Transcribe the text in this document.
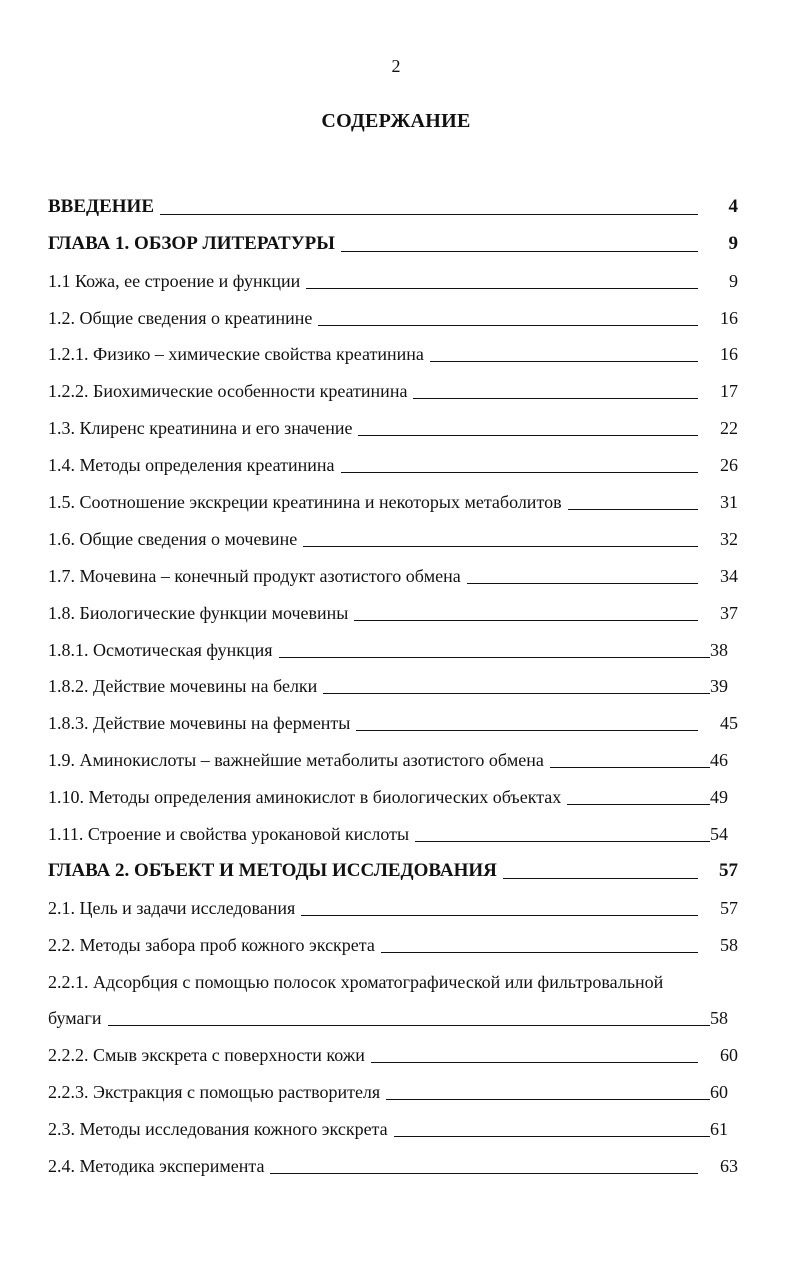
2
СОДЕРЖАНИЕ
ВВЕДЕНИЕ	4
ГЛАВА 1. ОБЗОР ЛИТЕРАТУРЫ	9
1.1 Кожа, ее строение и функции	9
1.2. Общие сведения о креатинине	16
1.2.1. Физико – химические свойства креатинина	16
1.2.2. Биохимические особенности креатинина	17
1.3. Клиренс креатинина и его значение	22
1.4. Методы определения креатинина	26
1.5. Соотношение экскреции креатинина и некоторых метаболитов	31
1.6. Общие сведения о мочевине	32
1.7. Мочевина – конечный продукт азотистого обмена	34
1.8. Биологические функции мочевины	37
1.8.1. Осмотическая функция	38
1.8.2. Действие мочевины на белки	39
1.8.3. Действие мочевины на ферменты	45
1.9. Аминокислоты – важнейшие метаболиты азотистого обмена	46
1.10. Методы определения аминокислот в биологических объектах	49
1.11. Строение и свойства урокановой кислоты	54
ГЛАВА 2. ОБЪЕКТ И МЕТОДЫ ИССЛЕДОВАНИЯ	57
2.1. Цель и задачи исследования	57
2.2. Методы забора проб кожного экскрета	58
2.2.1. Адсорбция с помощью полосок хроматографической или фильтровальной
бумаги	58
2.2.2. Смыв экскрета с поверхности кожи	60
2.2.3. Экстракция с помощью растворителя	60
2.3. Методы исследования кожного экскрета	61
2.4. Методика эксперимента	63
